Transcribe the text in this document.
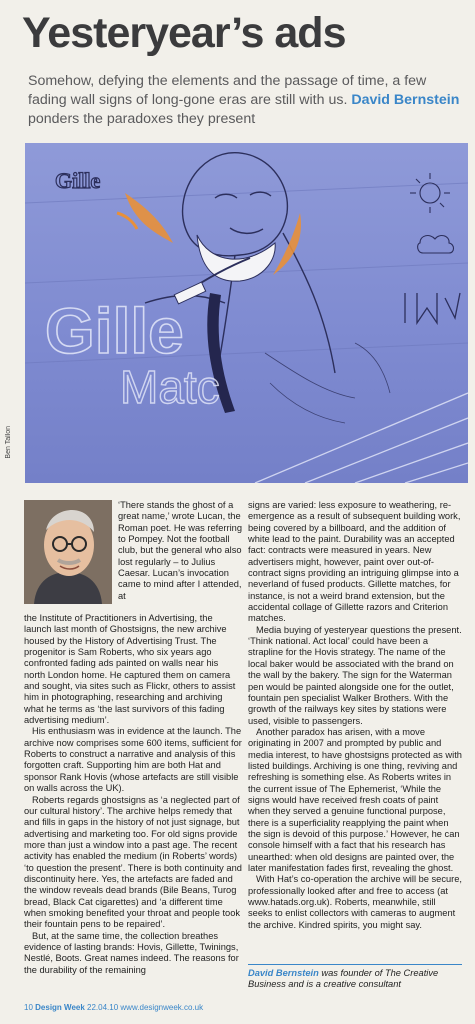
Yesteryear’s ads

Somehow, defying the elements and the passage of time, a few fading wall signs of long-gone eras are still with us. David Bernstein ponders the paradoxes they present

Gille
Gille
Matc
Ben Tallon

‘There stands the ghost of a great name,’ wrote Lucan, the Roman poet. He was referring to Pompey. Not the football club, but the general who also lost regularly – to Julius Caesar. Lucan’s invocation came to mind after I attended, at

the Institute of Practitioners in Advertising, the launch last month of Ghostsigns, the new archive housed by the History of Advertising Trust. The progenitor is Sam Roberts, who six years ago confronted fading ads painted on walls near his north London home. He captured them on camera and sought, via sites such as Flickr, others to assist him in photographing, researching and archiving what he terms as ‘the last survivors of this fading advertising medium’.

His enthusiasm was in evidence at the launch. The archive now comprises some 600 items, sufficient for Roberts to construct a narrative and analysis of this forgotten craft. Supporting him are both Hat and sponsor Rank Hovis (whose artefacts are still visible on walls across the UK).

Roberts regards ghostsigns as ‘a neglected part of our cultural history’. The archive helps remedy that and fills in gaps in the history of not just signage, but advertising and marketing too. For old signs provide more than just a window into a past age. The recent activity has enabled the medium (in Roberts’ words) ‘to question the present’. There is both continuity and discontinuity here. Yes, the artefacts are faded and the window reveals dead brands (Bile Beans, Turog bread, Black Cat cigarettes) and ‘a different time when smoking benefited your throat and people took their fountain pens to be repaired’.

But, at the same time, the collection breathes evidence of lasting brands: Hovis, Gillette, Twinings, Nestlé, Boots. Great names indeed. The reasons for the durability of the remaining

signs are varied: less exposure to weathering, re-emergence as a result of subsequent building work, being covered by a billboard, and the addition of white lead to the paint. Durability was an accepted fact: contracts were measured in years. New advertisers might, however, paint over out-of-contract signs providing an intriguing glimpse into a neverland of fused products. Gillette matches, for instance, is not a weird brand extension, but the accidental collage of Gillette razors and Criterion matches.

Media buying of yesteryear questions the present. ‘Think national. Act local’ could have been a strapline for the Hovis strategy. The name of the local baker would be associated with the brand on the wall by the bakery. The sign for the Waterman pen would be painted alongside one for the outlet, fountain pen specialist Walker Brothers. With the growth of the railways key sites by stations were used, visible to passengers.

Another paradox has arisen, with a move originating in 2007 and prompted by public and media interest, to have ghostsigns protected as with listed buildings. Archiving is one thing, reviving and refreshing is something else. As Roberts writes in the current issue of The Ephemerist, ‘While the signs would have received fresh coats of paint when they served a genuine functional purpose, there is a superficiality reapplying the paint when the sign is devoid of this purpose.’ However, he can console himself with a fact that his research has unearthed: when old designs are painted over, the later manifestation fades first, revealing the ghost.

With Hat’s co-operation the archive will be secure, professionally looked after and free to access (at www.hatads.org.uk). Roberts, meanwhile, still seeks to enlist collectors with cameras to augment the archive. Kindred spirits, you might say.

David Bernstein was founder of The Creative Business and is a creative consultant
10 Design Week 22.04.10 www.designweek.co.uk
